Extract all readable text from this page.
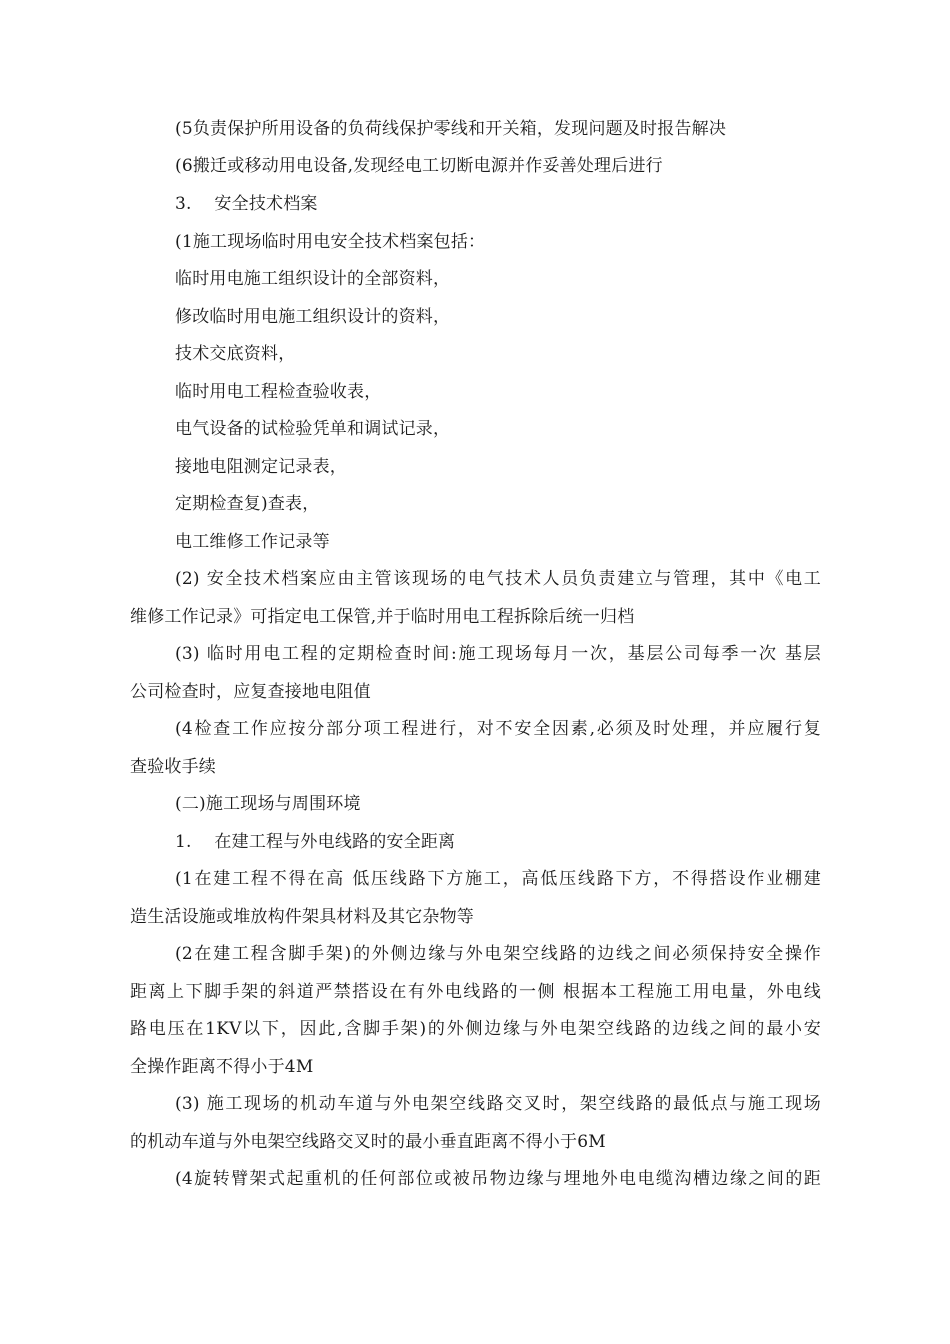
(5负责保护所用设备的负荷线保护零线和开关箱，发现问题及时报告解决
(6搬迁或移动用电设备,发现经电工切断电源并作妥善处理后进行
3.　 安全技术档案
(1施工现场临时用电安全技术档案包括：
临时用电施工组织设计的全部资料，
修改临时用电施工组织设计的资料，
技术交底资料，
临时用电工程检查验收表，
电气设备的试检验凭单和调试记录，
接地电阻测定记录表，
定期检查复)查表，
电工维修工作记录等
(2) 安全技术档案应由主管该现场的电气技术人员负责建立与管理，其中《电工
维修工作记录》可指定电工保管,并于临时用电工程拆除后统一归档
(3) 临时用电工程的定期检查时间:施工现场每月一次，基层公司每季一次 基层
公司检查时，应复查接地电阻值
(4检查工作应按分部分项工程进行，对不安全因素,必须及时处理，并应履行复
查验收手续
(二)施工现场与周围环境
1.　 在建工程与外电线路的安全距离
(1在建工程不得在高 低压线路下方施工，高低压线路下方，不得搭设作业棚建
造生活设施或堆放构件架具材料及其它杂物等
(2在建工程含脚手架)的外侧边缘与外电架空线路的边线之间必须保持安全操作
距离上下脚手架的斜道严禁搭设在有外电线路的一侧 根据本工程施工用电量，外电线
路电压在1KV以下，因此,含脚手架)的外侧边缘与外电架空线路的边线之间的最小安
全操作距离不得小于4M
(3) 施工现场的机动车道与外电架空线路交叉时，架空线路的最低点与施工现场
的机动车道与外电架空线路交叉时的最小垂直距离不得小于6M
(4旋转臂架式起重机的任何部位或被吊物边缘与埋地外电电缆沟槽边缘之间的距
